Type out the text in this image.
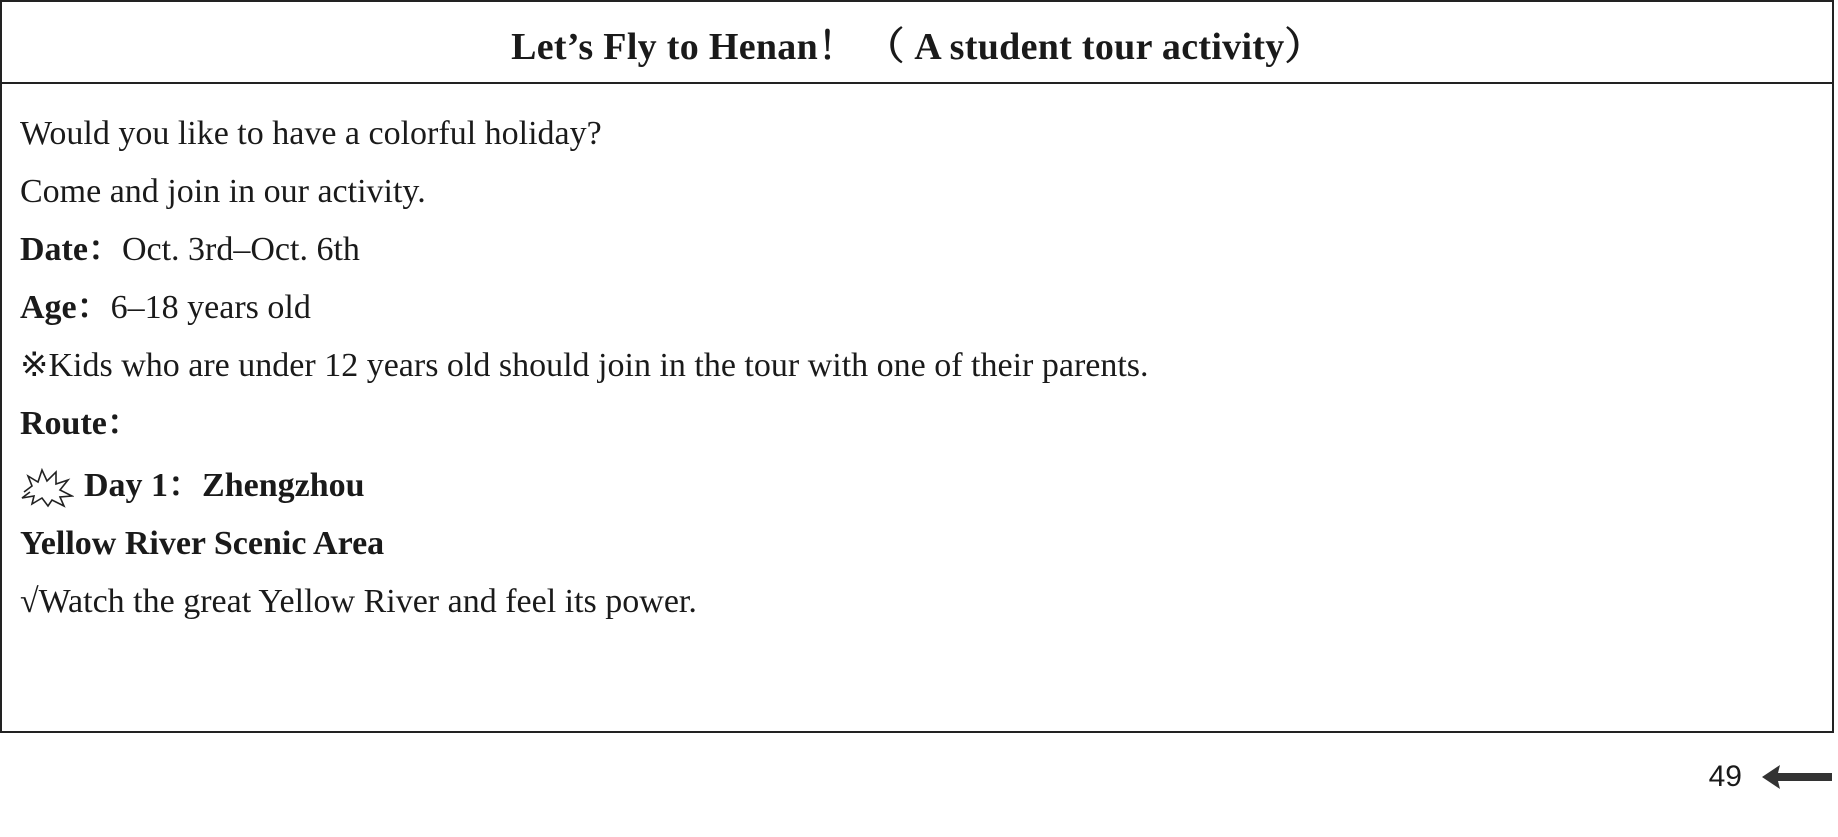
Let’s Fly to Henan！ （ A student tour activity）
Would you like to have a colorful holiday?
Come and join in our activity.
Date：Oct. 3rd–Oct. 6th
Age：6–18 years old
※Kids who are under 12 years old should join in the tour with one of their parents.
Route：
Day 1：Zhengzhou
Yellow River Scenic Area
√Watch the great Yellow River and feel its power.
49
